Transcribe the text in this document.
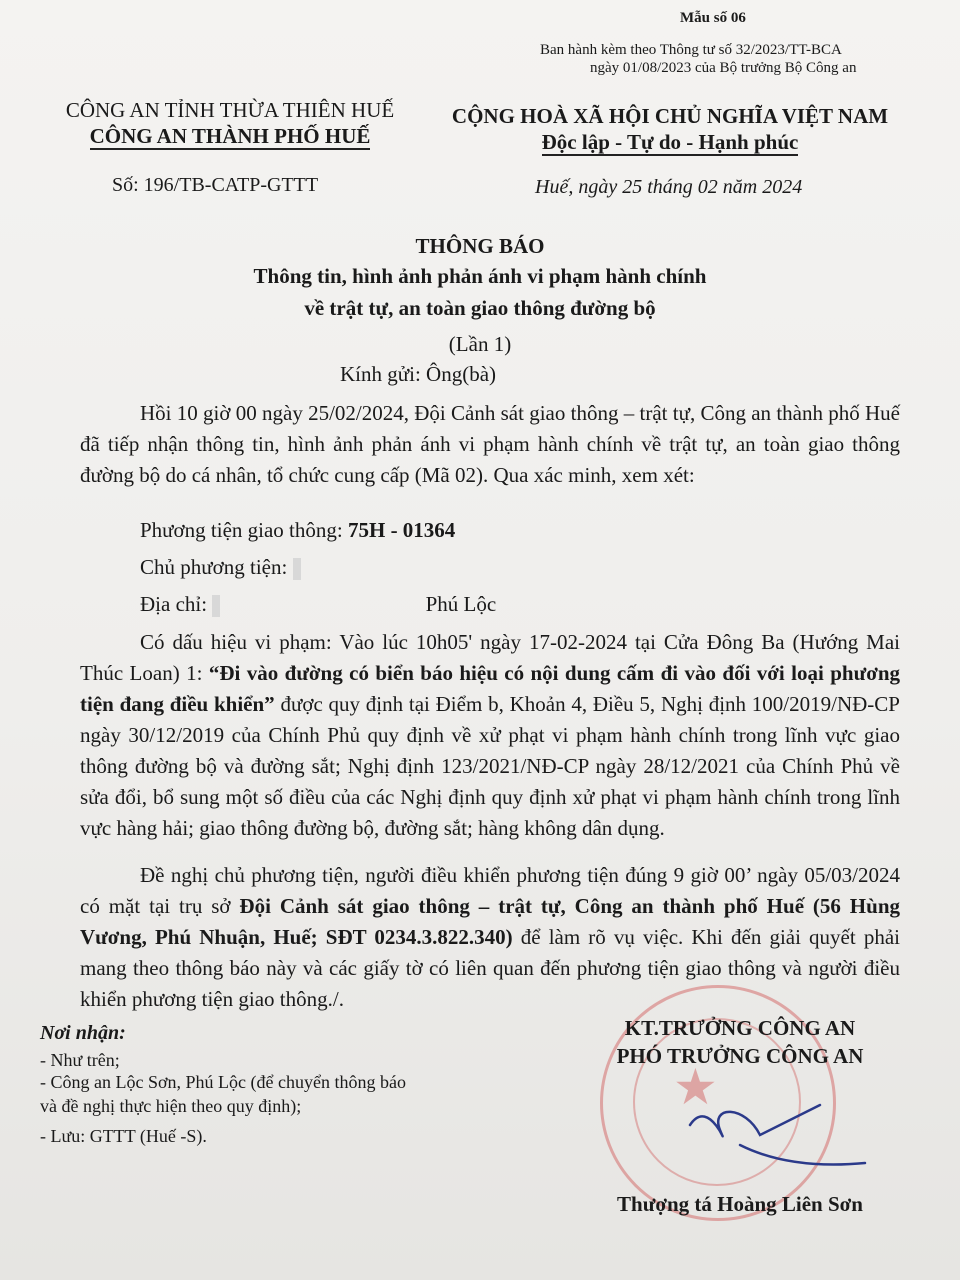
Mẫu số 06
Ban hành kèm theo Thông tư số 32/2023/TT-BCA
ngày 01/08/2023 của Bộ trưởng Bộ Công an
CÔNG AN TỈNH THỪA THIÊN HUẾ
CÔNG AN THÀNH PHỐ HUẾ
Số: 196/TB-CATP-GTTT
CỘNG HOÀ XÃ HỘI CHỦ NGHĨA VIỆT NAM
Độc lập - Tự do - Hạnh phúc
Huế, ngày 25 tháng 02 năm 2024
THÔNG BÁO
Thông tin, hình ảnh phản ánh vi phạm hành chính
về trật tự, an toàn giao thông đường bộ
(Lần 1)
Kính gửi: Ông(bà)
Hồi 10 giờ 00 ngày 25/02/2024, Đội Cảnh sát giao thông – trật tự, Công an thành phố Huế đã tiếp nhận thông tin, hình ảnh phản ánh vi phạm hành chính về trật tự, an toàn giao thông đường bộ do cá nhân, tổ chức cung cấp (Mã 02). Qua xác minh, xem xét:
Phương tiện giao thông: 75H - 01364
Chủ phương tiện:
Địa chỉ:	Phú Lộc
Có dấu hiệu vi phạm: Vào lúc 10h05' ngày 17-02-2024 tại Cửa Đông Ba (Hướng Mai Thúc Loan) 1: “Đi vào đường có biển báo hiệu có nội dung cấm đi vào đối với loại phương tiện đang điều khiển” được quy định tại Điểm b, Khoản 4, Điều 5, Nghị định 100/2019/NĐ-CP ngày 30/12/2019 của Chính Phủ quy định về xử phạt vi phạm hành chính trong lĩnh vực giao thông đường bộ và đường sắt; Nghị định 123/2021/NĐ-CP ngày 28/12/2021 của Chính Phủ về sửa đổi, bổ sung một số điều của các Nghị định quy định xử phạt vi phạm hành chính trong lĩnh vực hàng hải; giao thông đường bộ, đường sắt; hàng không dân dụng.
Đề nghị chủ phương tiện, người điều khiển phương tiện đúng 9 giờ 00’ ngày 05/03/2024 có mặt tại trụ sở Đội Cảnh sát giao thông – trật tự, Công an thành phố Huế (56 Hùng Vương, Phú Nhuận, Huế; SĐT 0234.3.822.340) để làm rõ vụ việc. Khi đến giải quyết phải mang theo thông báo này và các giấy tờ có liên quan đến phương tiện giao thông và người điều khiển phương tiện giao thông./.
Nơi nhận:
- Như trên;
- Công an Lộc Sơn, Phú Lộc (để chuyển thông báo
và đề nghị thực hiện theo quy định);
- Lưu: GTTT (Huế -S).
★
KT.TRƯỞNG CÔNG AN
PHÓ TRƯỞNG CÔNG AN
Thượng tá Hoàng Liên Sơn
